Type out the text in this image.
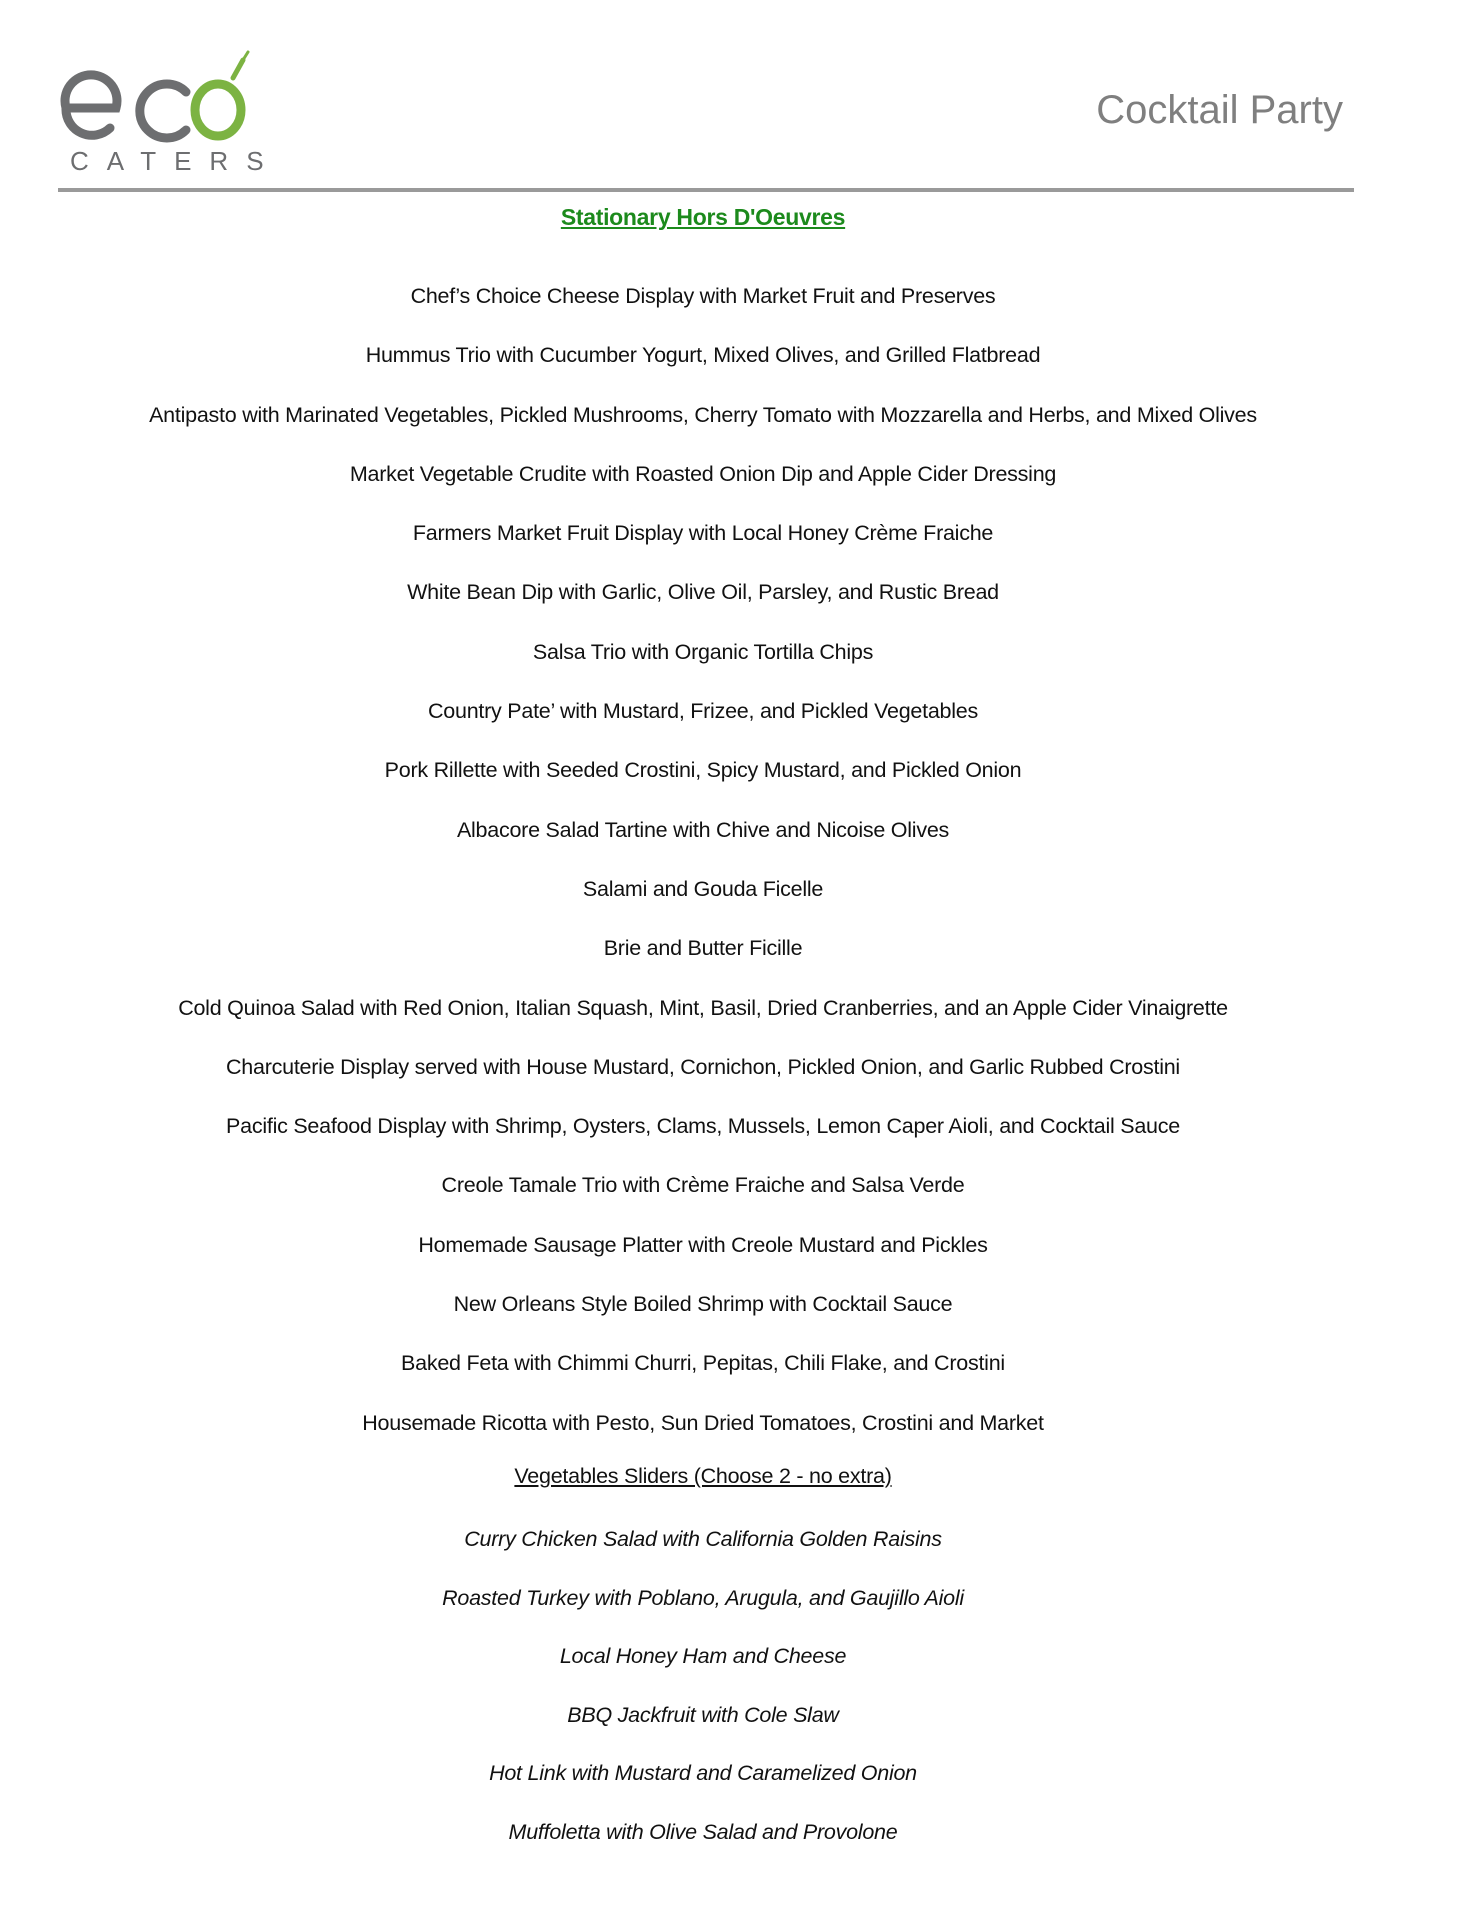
CATERS
Cocktail Party
Stationary Hors D'Oeuvres
Chef’s Choice Cheese Display with Market Fruit and Preserves
Hummus Trio with Cucumber Yogurt, Mixed Olives, and Grilled Flatbread
Antipasto with Marinated Vegetables, Pickled Mushrooms, Cherry Tomato with Mozzarella and Herbs, and Mixed Olives
Market Vegetable Crudite with Roasted Onion Dip and Apple Cider Dressing
Farmers Market Fruit Display with Local Honey Crème Fraiche
White Bean Dip with Garlic, Olive Oil, Parsley, and Rustic Bread
Salsa Trio with Organic Tortilla Chips
Country Pate’ with Mustard, Frizee, and Pickled Vegetables
Pork Rillette with Seeded Crostini, Spicy Mustard, and Pickled Onion
Albacore Salad Tartine with Chive and Nicoise Olives
Salami and Gouda Ficelle
Brie and Butter Ficille
Cold Quinoa Salad with Red Onion, Italian Squash, Mint, Basil, Dried Cranberries, and an Apple Cider Vinaigrette
Charcuterie Display served with House Mustard, Cornichon, Pickled Onion, and Garlic Rubbed Crostini
Pacific Seafood Display with Shrimp, Oysters, Clams, Mussels, Lemon Caper Aioli, and Cocktail Sauce
Creole Tamale Trio with Crème Fraiche and Salsa Verde
Homemade Sausage Platter with Creole Mustard and Pickles
New Orleans Style Boiled Shrimp with Cocktail Sauce
Baked Feta with Chimmi Churri, Pepitas, Chili Flake, and Crostini
Housemade Ricotta with Pesto, Sun Dried Tomatoes, Crostini and Market
Vegetables Sliders (Choose 2 - no extra)
Curry Chicken Salad with California Golden Raisins
Roasted Turkey with Poblano, Arugula, and Gaujillo Aioli
Local Honey Ham and Cheese
BBQ Jackfruit with Cole Slaw
Hot Link with Mustard and Caramelized Onion
Muffoletta with Olive Salad and Provolone
